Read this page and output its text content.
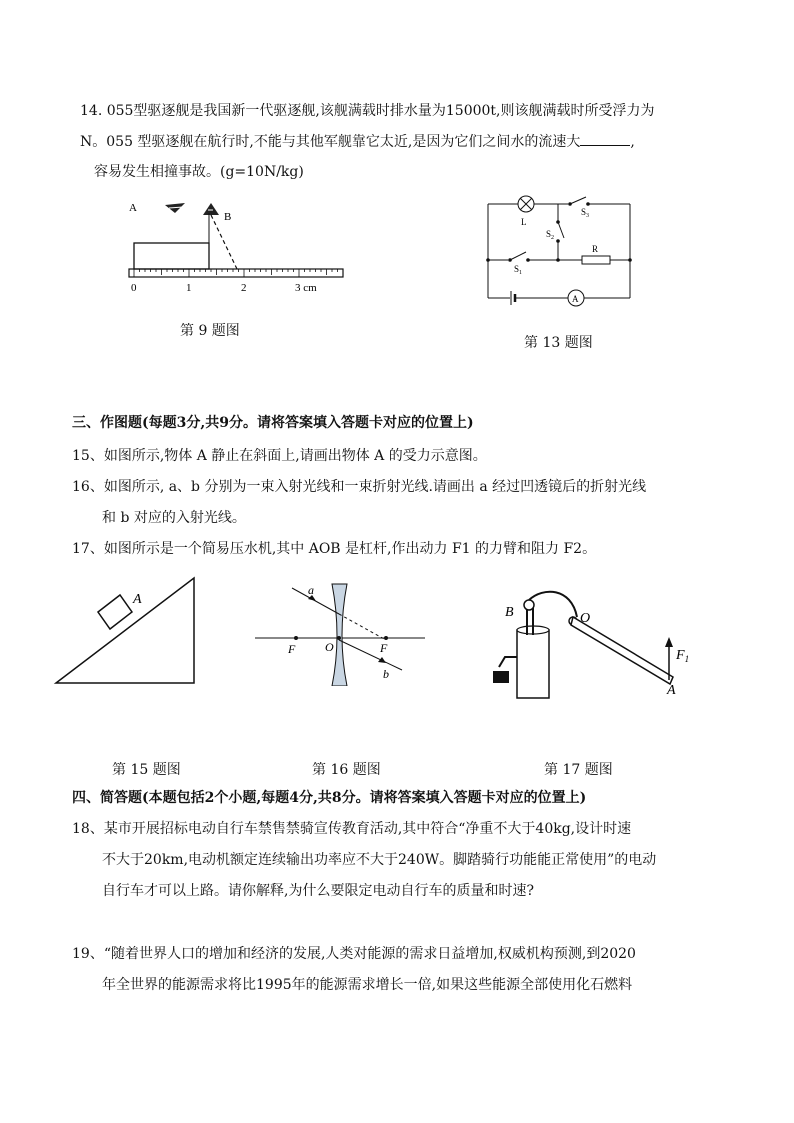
14. 055型驱逐舰是我国新一代驱逐舰,该舰满载时排水量为15000t,则该舰满载时所受浮力为
N。055 型驱逐舰在航行时,不能与其他军舰靠它太近,是因为它们之间水的流速大	,
容易发生相撞事故。(g=10N/kg)
A
B
0	1	2	3 cm
第 9 题图
L
$S_3$
$S_2$
$S_1$
R
A
第 13 题图
三、作图题(每题3分,共9分。请将答案填入答题卡对应的位置上)
15、如图所示,物体 A 静止在斜面上,请画出物体 A 的受力示意图。
16、如图所示, a、b 分别为一束入射光线和一束折射光线.请画出 a 经过凹透镜后的折射光线
和 b 对应的入射光线。
17、如图所示是一个简易压水机,其中 AOB 是杠杆,作出动力 F1 的力臂和阻力 F2。
A
第 15 题图
a
F O	F
b
第 16 题图
B	O
$F_1$
A
第 17 题图
四、简答题(本题包括2个小题,每题4分,共8分。请将答案填入答题卡对应的位置上)
18、某市开展招标电动自行车禁售禁骑宣传教育活动,其中符合“净重不大于40kg,设计时速
不大于20km,电动机额定连续输出功率应不大于240W。脚踏骑行功能能正常使用”的电动
自行车才可以上路。请你解释,为什么要限定电动自行车的质量和时速?
19、“随着世界人口的增加和经济的发展,人类对能源的需求日益增加,权威机构预测,到2020
年全世界的能源需求将比1995年的能源需求增长一倍,如果这些能源全部使用化石燃料
